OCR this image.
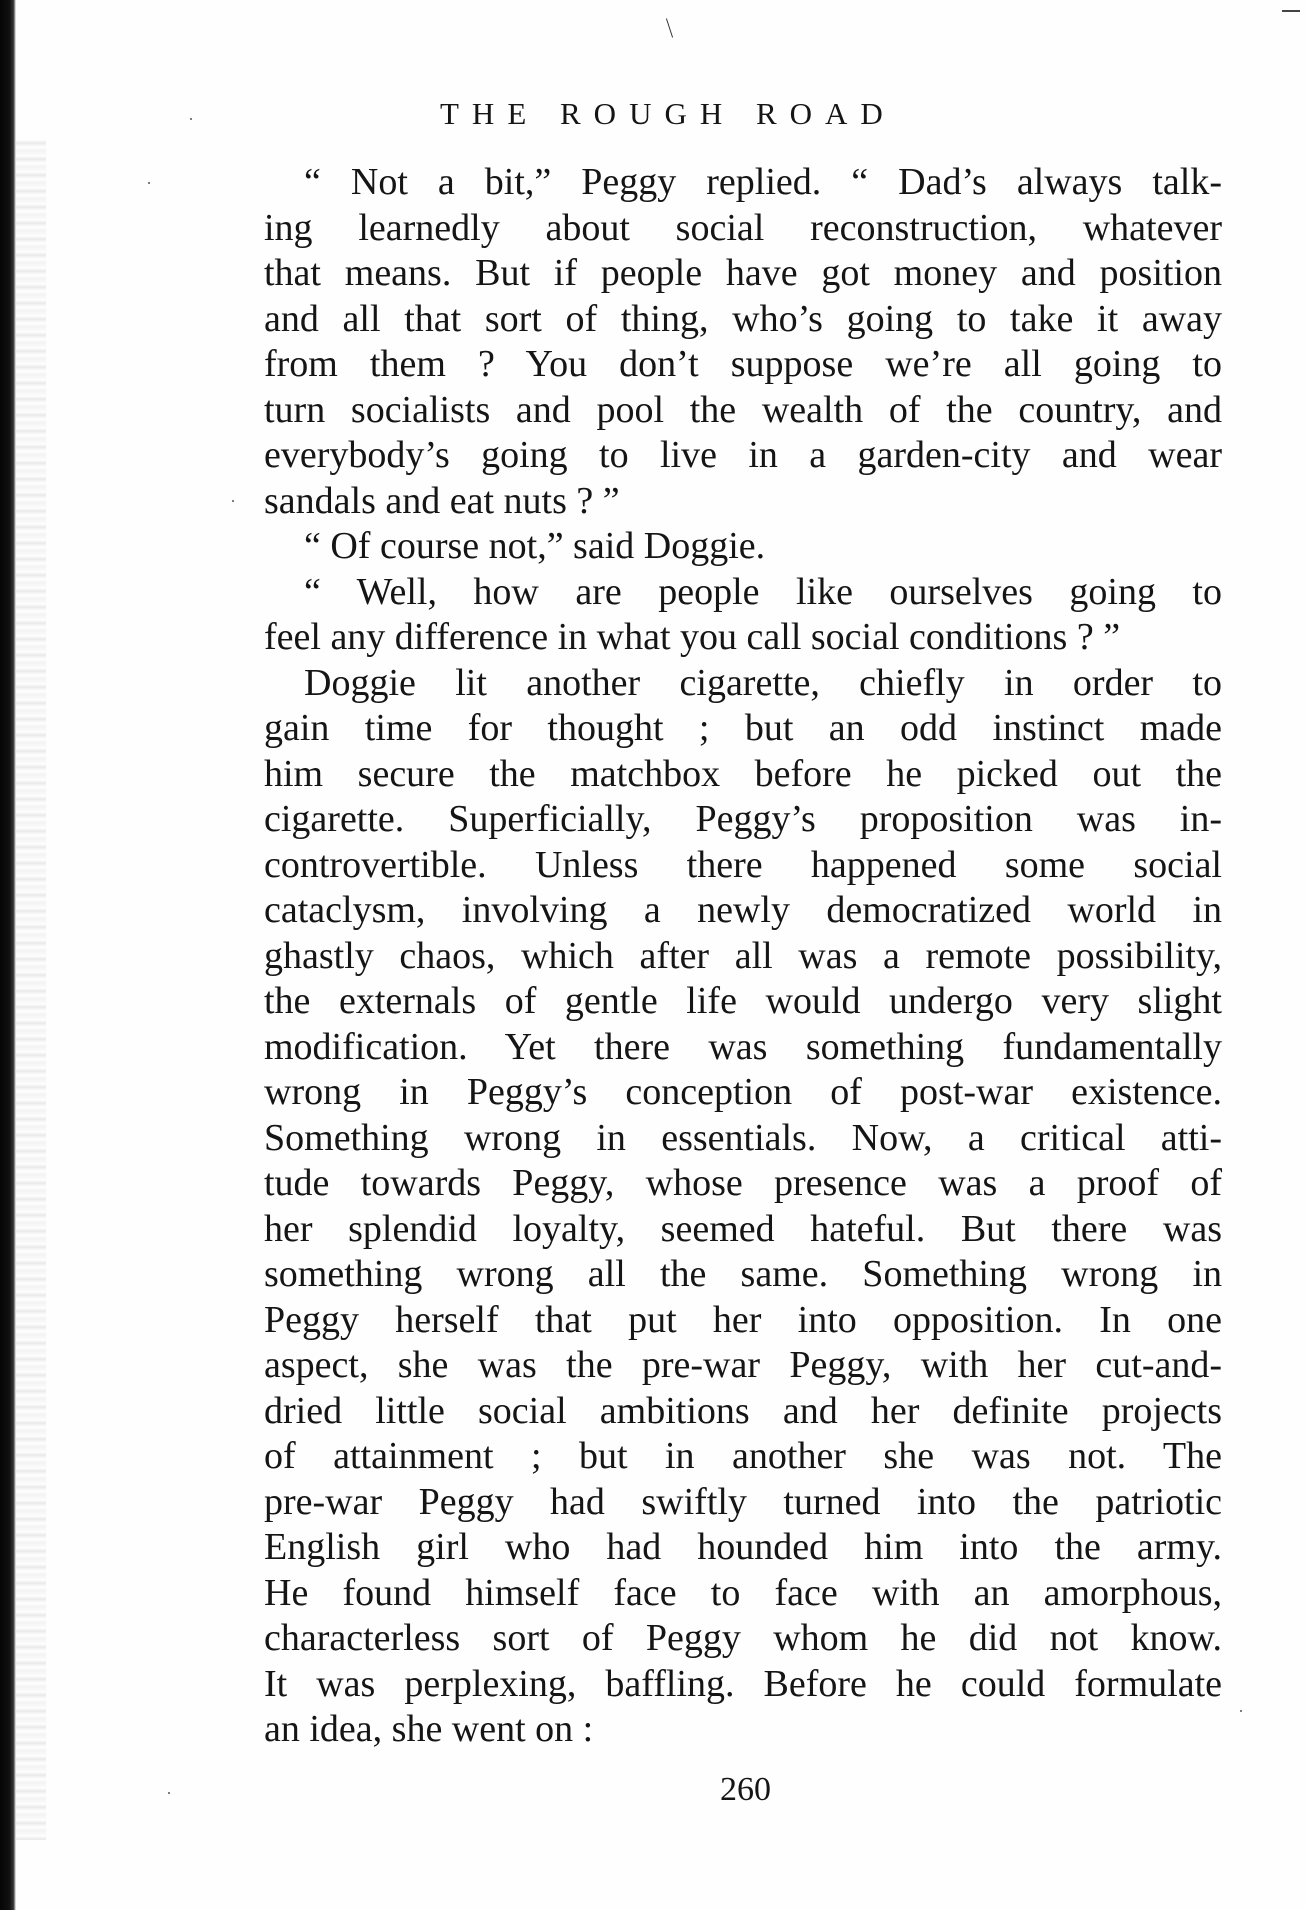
THE ROUGH ROAD
“ Not a bit,” Peggy replied. “ Dad’s always talk-
ing learnedly about social reconstruction, whatever
that means. But if people have got money and position
and all that sort of thing, who’s going to take it away
from them ? You don’t suppose we’re all going to
turn socialists and pool the wealth of the country, and
everybody’s going to live in a garden-city and wear
sandals and eat nuts ? ”
“ Of course not,” said Doggie.
“ Well, how are people like ourselves going to
feel any difference in what you call social conditions ? ”
Doggie lit another cigarette, chiefly in order to
gain time for thought ; but an odd instinct made
him secure the matchbox before he picked out the
cigarette. Superficially, Peggy’s proposition was in-
controvertible. Unless there happened some social
cataclysm, involving a newly democratized world in
ghastly chaos, which after all was a remote possibility,
the externals of gentle life would undergo very slight
modification. Yet there was something fundamentally
wrong in Peggy’s conception of post-war existence.
Something wrong in essentials. Now, a critical atti-
tude towards Peggy, whose presence was a proof of
her splendid loyalty, seemed hateful. But there was
something wrong all the same. Something wrong in
Peggy herself that put her into opposition. In one
aspect, she was the pre-war Peggy, with her cut-and-
dried little social ambitions and her definite projects
of attainment ; but in another she was not. The
pre-war Peggy had swiftly turned into the patriotic
English girl who had hounded him into the army.
He found himself face to face with an amorphous,
characterless sort of Peggy whom he did not know.
It was perplexing, baffling. Before he could formulate
an idea, she went on :
260
